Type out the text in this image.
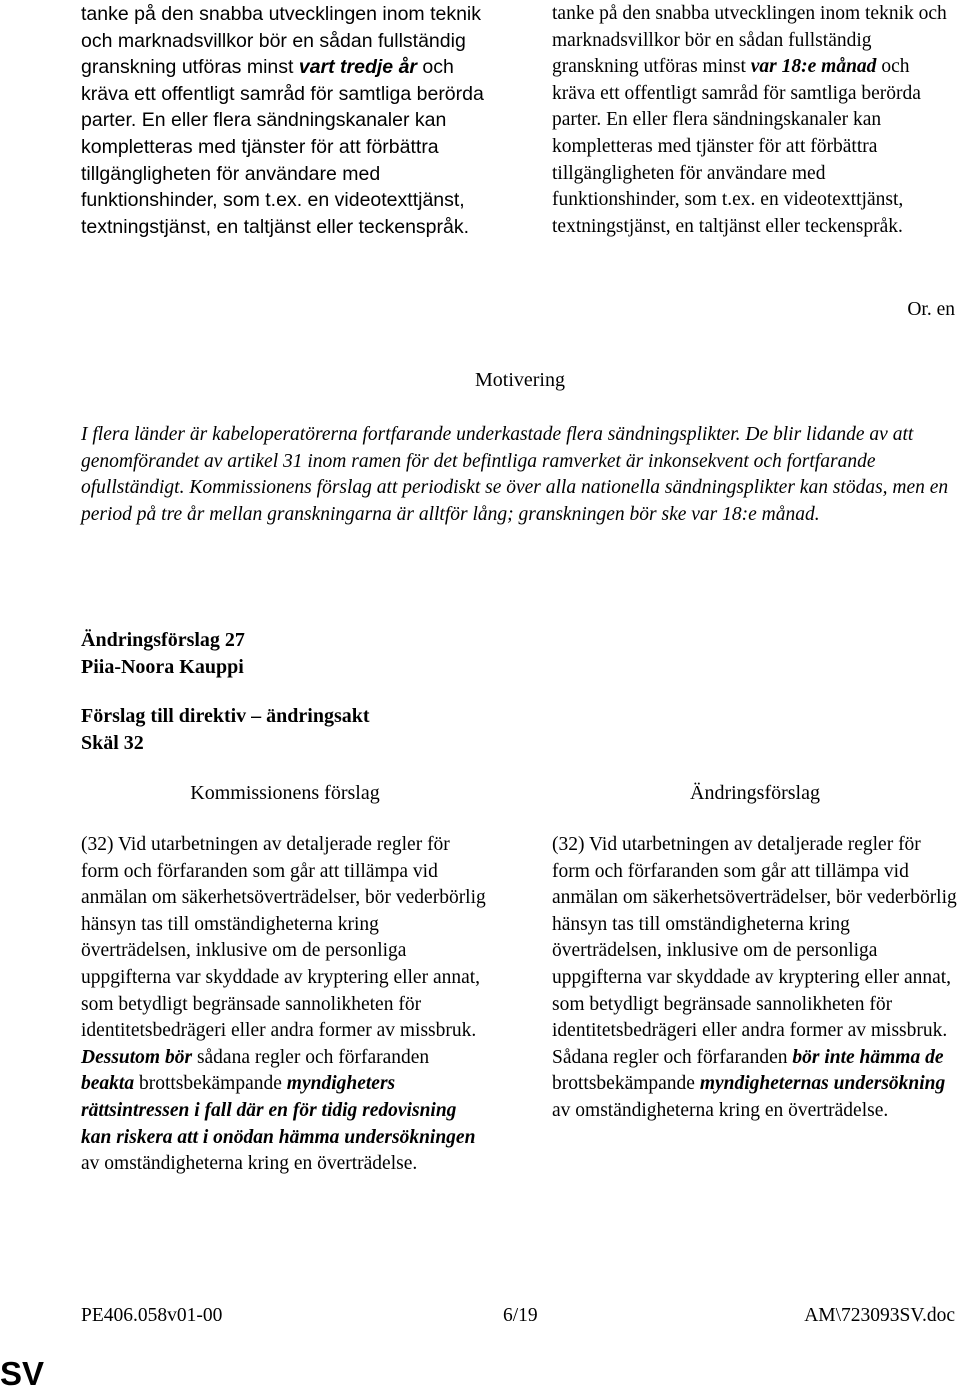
tanke på den snabba utvecklingen inom teknik och marknadsvillkor bör en sådan fullständig granskning utföras minst vart tredje år och kräva ett offentligt samråd för samtliga berörda parter. En eller flera sändningskanaler kan kompletteras med tjänster för att förbättra tillgängligheten för användare med funktionshinder, som t.ex. en videotexttjänst, textningstjänst, en taltjänst eller teckenspråk.

tanke på den snabba utvecklingen inom teknik och marknadsvillkor bör en sådan fullständig granskning utföras minst var 18:e månad och kräva ett offentligt samråd för samtliga berörda parter. En eller flera sändningskanaler kan kompletteras med tjänster för att förbättra tillgängligheten för användare med funktionshinder, som t.ex. en videotexttjänst, textningstjänst, en taltjänst eller teckenspråk.

Or. en
Motivering
I flera länder är kabeloperatörerna fortfarande underkastade flera sändningsplikter. De blir lidande av att genomförandet av artikel 31 inom ramen för det befintliga ramverket är inkonsekvent och fortfarande ofullständigt. Kommissionens förslag att periodiskt se över alla nationella sändningsplikter kan stödas, men en period på tre år mellan granskningarna är alltför lång; granskningen bör ske var 18:e månad.
Ändringsförslag 27
Piia-Noora Kauppi
Förslag till direktiv – ändringsakt
Skäl 32
Kommissionens förslag	Ändringsförslag

(32) Vid utarbetningen av detaljerade regler för form och förfaranden som går att tillämpa vid anmälan om säkerhetsöverträdelser, bör vederbörlig hänsyn tas till omständigheterna kring överträdelsen, inklusive om de personliga uppgifterna var skyddade av kryptering eller annat, som betydligt begränsade sannolikheten för identitetsbedrägeri eller andra former av missbruk. Dessutom bör sådana regler och förfaranden beakta brottsbekämpande myndigheters rättsintressen i fall där en för tidig redovisning kan riskera att i onödan hämma undersökningen av omständigheterna kring en överträdelse.

(32) Vid utarbetningen av detaljerade regler för form och förfaranden som går att tillämpa vid anmälan om säkerhetsöverträdelser, bör vederbörlig hänsyn tas till omständigheterna kring överträdelsen, inklusive om de personliga uppgifterna var skyddade av kryptering eller annat, som betydligt begränsade sannolikheten för identitetsbedrägeri eller andra former av missbruk. Sådana regler och förfaranden bör inte hämma de brottsbekämpande myndigheternas undersökning av omständigheterna kring en överträdelse.

PE406.058v01-00	6/19	AM\723093SV.doc
SV
